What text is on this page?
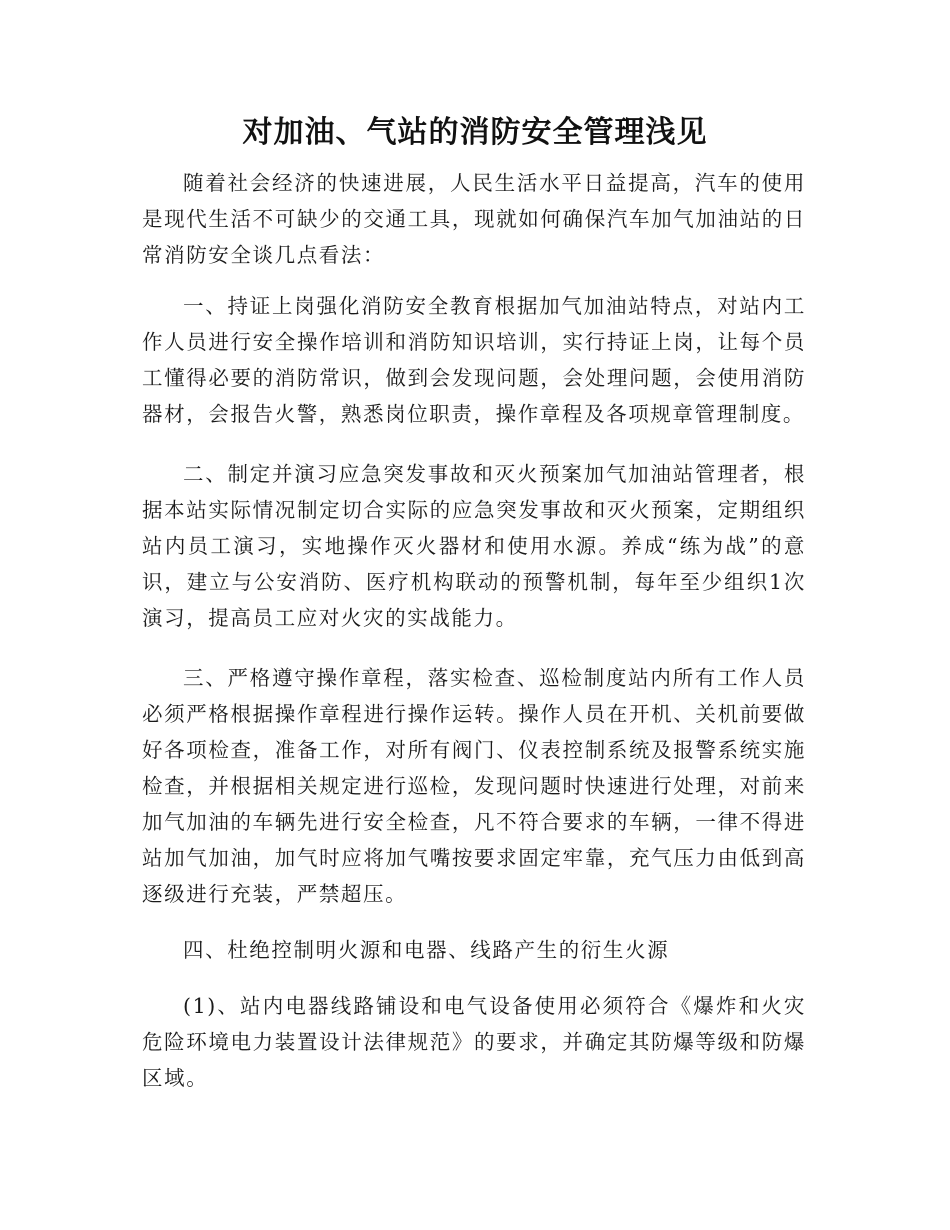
对加油、气站的消防安全管理浅见

随着社会经济的快速进展，人民生活水平日益提高，汽车的使用是现代生活不可缺少的交通工具，现就如何确保汽车加气加油站的日常消防安全谈几点看法：

一、持证上岗强化消防安全教育根据加气加油站特点，对站内工作人员进行安全操作培训和消防知识培训，实行持证上岗，让每个员工懂得必要的消防常识，做到会发现问题，会处理问题，会使用消防器材，会报告火警，熟悉岗位职责，操作章程及各项规章管理制度。

二、制定并演习应急突发事故和灭火预案加气加油站管理者，根据本站实际情况制定切合实际的应急突发事故和灭火预案，定期组织站内员工演习，实地操作灭火器材和使用水源。养成“练为战”的意识，建立与公安消防、医疗机构联动的预警机制，每年至少组织1次演习，提高员工应对火灾的实战能力。

三、严格遵守操作章程，落实检查、巡检制度站内所有工作人员必须严格根据操作章程进行操作运转。操作人员在开机、关机前要做好各项检查，准备工作，对所有阀门、仪表控制系统及报警系统实施检查，并根据相关规定进行巡检，发现问题时快速进行处理，对前来加气加油的车辆先进行安全检查，凡不符合要求的车辆，一律不得进站加气加油，加气时应将加气嘴按要求固定牢靠，充气压力由低到高逐级进行充装，严禁超压。

四、杜绝控制明火源和电器、线路产生的衍生火源

(1)、站内电器线路铺设和电气设备使用必须符合《爆炸和火灾危险环境电力装置设计法律规范》的要求，并确定其防爆等级和防爆区域。
